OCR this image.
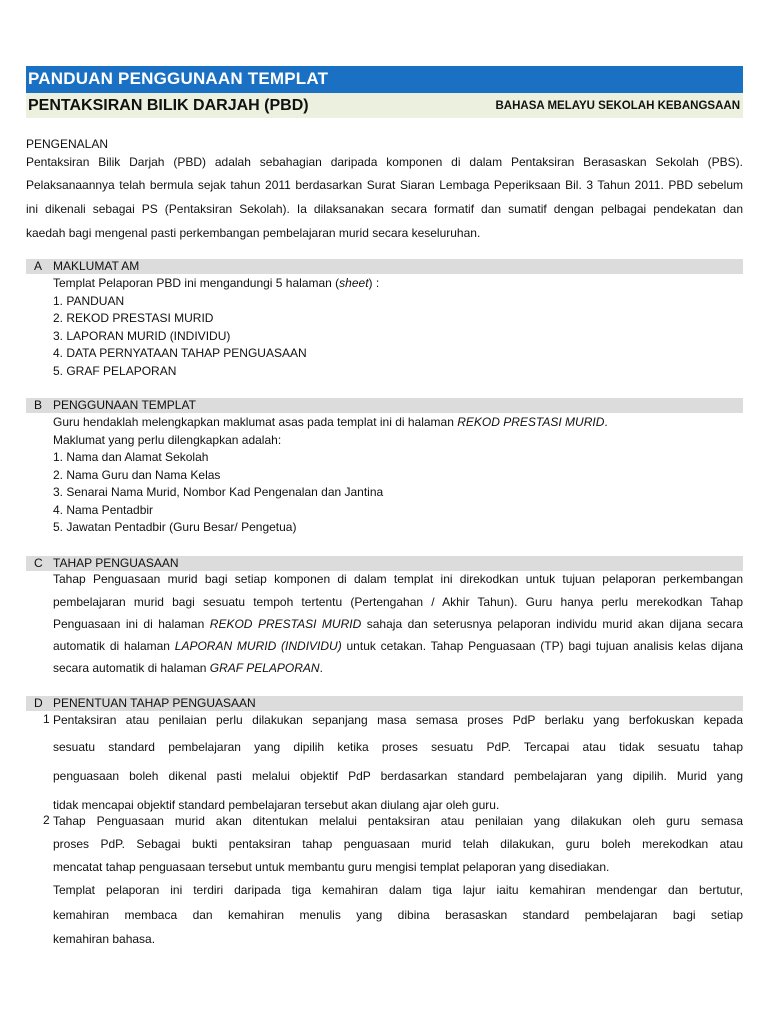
PANDUAN PENGGUNAAN TEMPLAT
PENTAKSIRAN BILIK DARJAH (PBD)	BAHASA MELAYU SEKOLAH KEBANGSAAN
PENGENALAN
Pentaksiran Bilik Darjah (PBD) adalah sebahagian daripada komponen di dalam Pentaksiran Berasaskan Sekolah (PBS).
Pelaksanaannya telah bermula sejak tahun 2011 berdasarkan Surat Siaran Lembaga Peperiksaan Bil. 3 Tahun 2011. PBD sebelum
ini dikenali sebagai PS (Pentaksiran Sekolah). Ia dilaksanakan secara formatif dan sumatif dengan pelbagai pendekatan dan
kaedah bagi mengenal pasti perkembangan pembelajaran murid secara keseluruhan.
A MAKLUMAT AM
Templat Pelaporan PBD ini mengandungi 5 halaman (sheet) :
1. PANDUAN
2. REKOD PRESTASI MURID
3. LAPORAN MURID (INDIVIDU)
4. DATA PERNYATAAN TAHAP PENGUASAAN
5. GRAF PELAPORAN
B PENGGUNAAN TEMPLAT
Guru hendaklah melengkapkan maklumat asas pada templat ini di halaman REKOD PRESTASI MURID.
Maklumat yang perlu dilengkapkan adalah:
1. Nama dan Alamat Sekolah
2. Nama Guru dan Nama Kelas
3. Senarai Nama Murid, Nombor Kad Pengenalan dan Jantina
4. Nama Pentadbir
5. Jawatan Pentadbir (Guru Besar/ Pengetua)
C TAHAP PENGUASAAN
Tahap Penguasaan murid bagi setiap komponen di dalam templat ini direkodkan untuk tujuan pelaporan perkembangan
pembelajaran murid bagi sesuatu tempoh tertentu (Pertengahan / Akhir Tahun). Guru hanya perlu merekodkan Tahap
Penguasaan ini di halaman REKOD PRESTASI MURID sahaja dan seterusnya pelaporan individu murid akan dijana secara
automatik di halaman LAPORAN MURID (INDIVIDU) untuk cetakan. Tahap Penguasaan (TP) bagi tujuan analisis kelas dijana
secara automatik di halaman GRAF PELAPORAN.
D PENENTUAN TAHAP PENGUASAAN
1 Pentaksiran atau penilaian perlu dilakukan sepanjang masa semasa proses PdP berlaku yang berfokuskan kepada
sesuatu standard pembelajaran yang dipilih ketika proses sesuatu PdP. Tercapai atau tidak sesuatu tahap
penguasaan boleh dikenal pasti melalui objektif PdP berdasarkan standard pembelajaran yang dipilih. Murid yang
tidak mencapai objektif standard pembelajaran tersebut akan diulang ajar oleh guru.
2 Tahap Penguasaan murid akan ditentukan melalui pentaksiran atau penilaian yang dilakukan oleh guru semasa
proses PdP. Sebagai bukti pentaksiran tahap penguasaan murid telah dilakukan, guru boleh merekodkan atau
mencatat tahap penguasaan tersebut untuk membantu guru mengisi templat pelaporan yang disediakan.
Templat pelaporan ini terdiri daripada tiga kemahiran dalam tiga lajur iaitu kemahiran mendengar dan bertutur,
kemahiran membaca dan kemahiran menulis yang dibina berasaskan standard pembelajaran bagi setiap
kemahiran bahasa.
